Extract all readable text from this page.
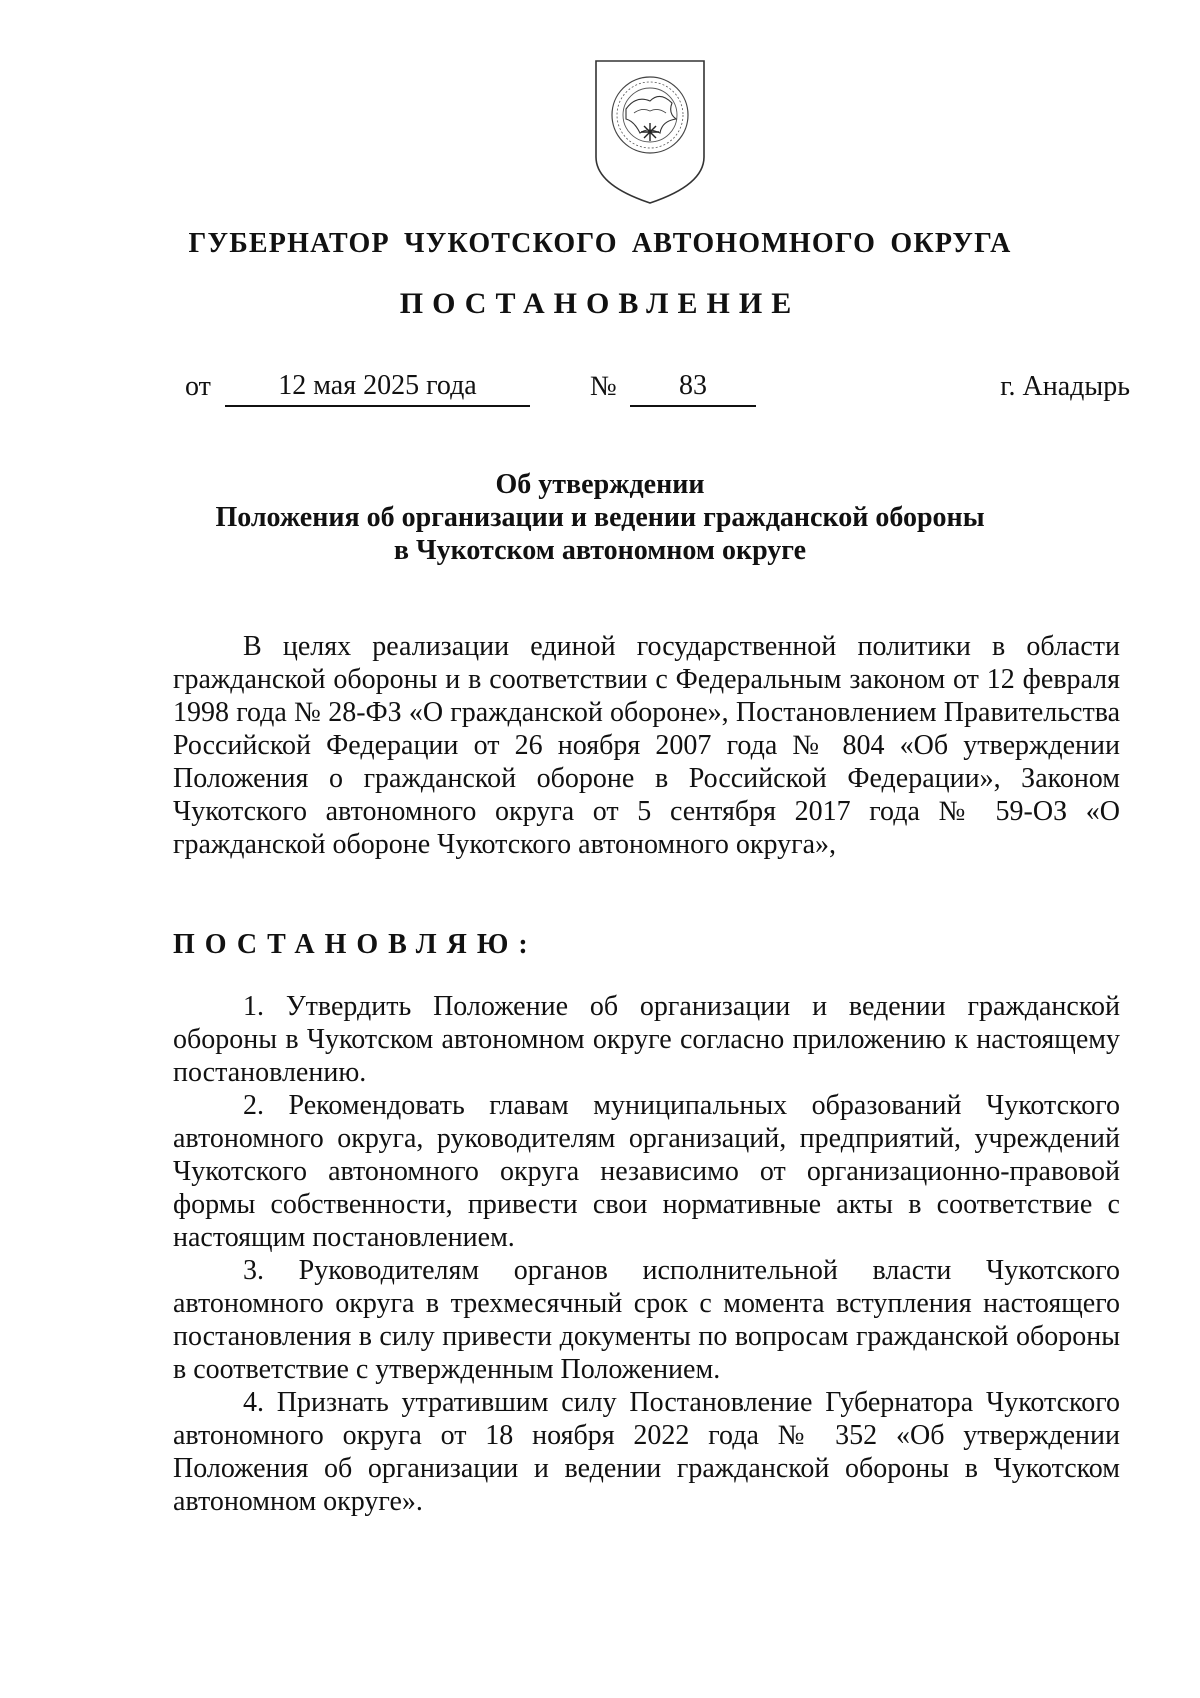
ГУБЕРНАТОР ЧУКОТСКОГО АВТОНОМНОГО ОКРУГА
ПОСТАНОВЛЕНИЕ
от	12 мая 2025 года	№	83	г. Анадырь
Об утверждении
Положения об организации и ведении гражданской обороны
в Чукотском автономном округе

В целях реализации единой государственной политики в области гражданской обороны и в соответствии с Федеральным законом от 12 февраля 1998 года № 28-ФЗ «О гражданской обороне», Постановлением Правительства Российской Федерации от 26 ноября 2007 года № 804 «Об утверждении Положения о гражданской обороне в Российской Федерации», Законом Чукотского автономного округа от 5 сентября 2017 года № 59-ОЗ «О гражданской обороне Чукотского автономного округа»,

ПОСТАНОВЛЯЮ:

1. Утвердить Положение об организации и ведении гражданской обороны в Чукотском автономном округе согласно приложению к настоящему постановлению.

2. Рекомендовать главам муниципальных образований Чукотского автономного округа, руководителям организаций, предприятий, учреждений Чукотского автономного округа независимо от организационно-правовой формы собственности, привести свои нормативные акты в соответствие с настоящим постановлением.

3. Руководителям органов исполнительной власти Чукотского автономного округа в трехмесячный срок с момента вступления настоящего постановления в силу привести документы по вопросам гражданской обороны в соответствие с утвержденным Положением.

4. Признать утратившим силу Постановление Губернатора Чукотского автономного округа от 18 ноября 2022 года № 352 «Об утверждении Положения об организации и ведении гражданской обороны в Чукотском автономном округе».
